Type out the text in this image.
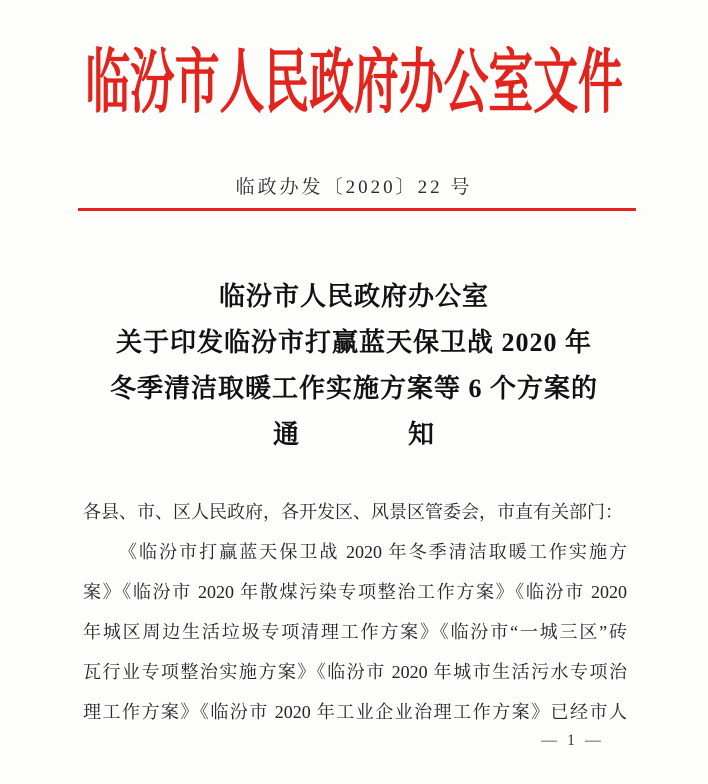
临汾市人民政府办公室文件
临政办发〔2020〕22 号
临汾市人民政府办公室
关于印发临汾市打赢蓝天保卫战 2020 年
冬季清洁取暖工作实施方案等 6 个方案的
通　　　　知
各县、市、区人民政府，各开发区、风景区管委会，市直有关部门：
《临汾市打赢蓝天保卫战 2020 年冬季清洁取暖工作实施方
案》《临汾市 2020 年散煤污染专项整治工作方案》《临汾市 2020
年城区周边生活垃圾专项清理工作方案》《临汾市“一城三区”砖
瓦行业专项整治实施方案》《临汾市 2020 年城市生活污水专项治
理工作方案》《临汾市 2020 年工业企业治理工作方案》已经市人
— 1 —
